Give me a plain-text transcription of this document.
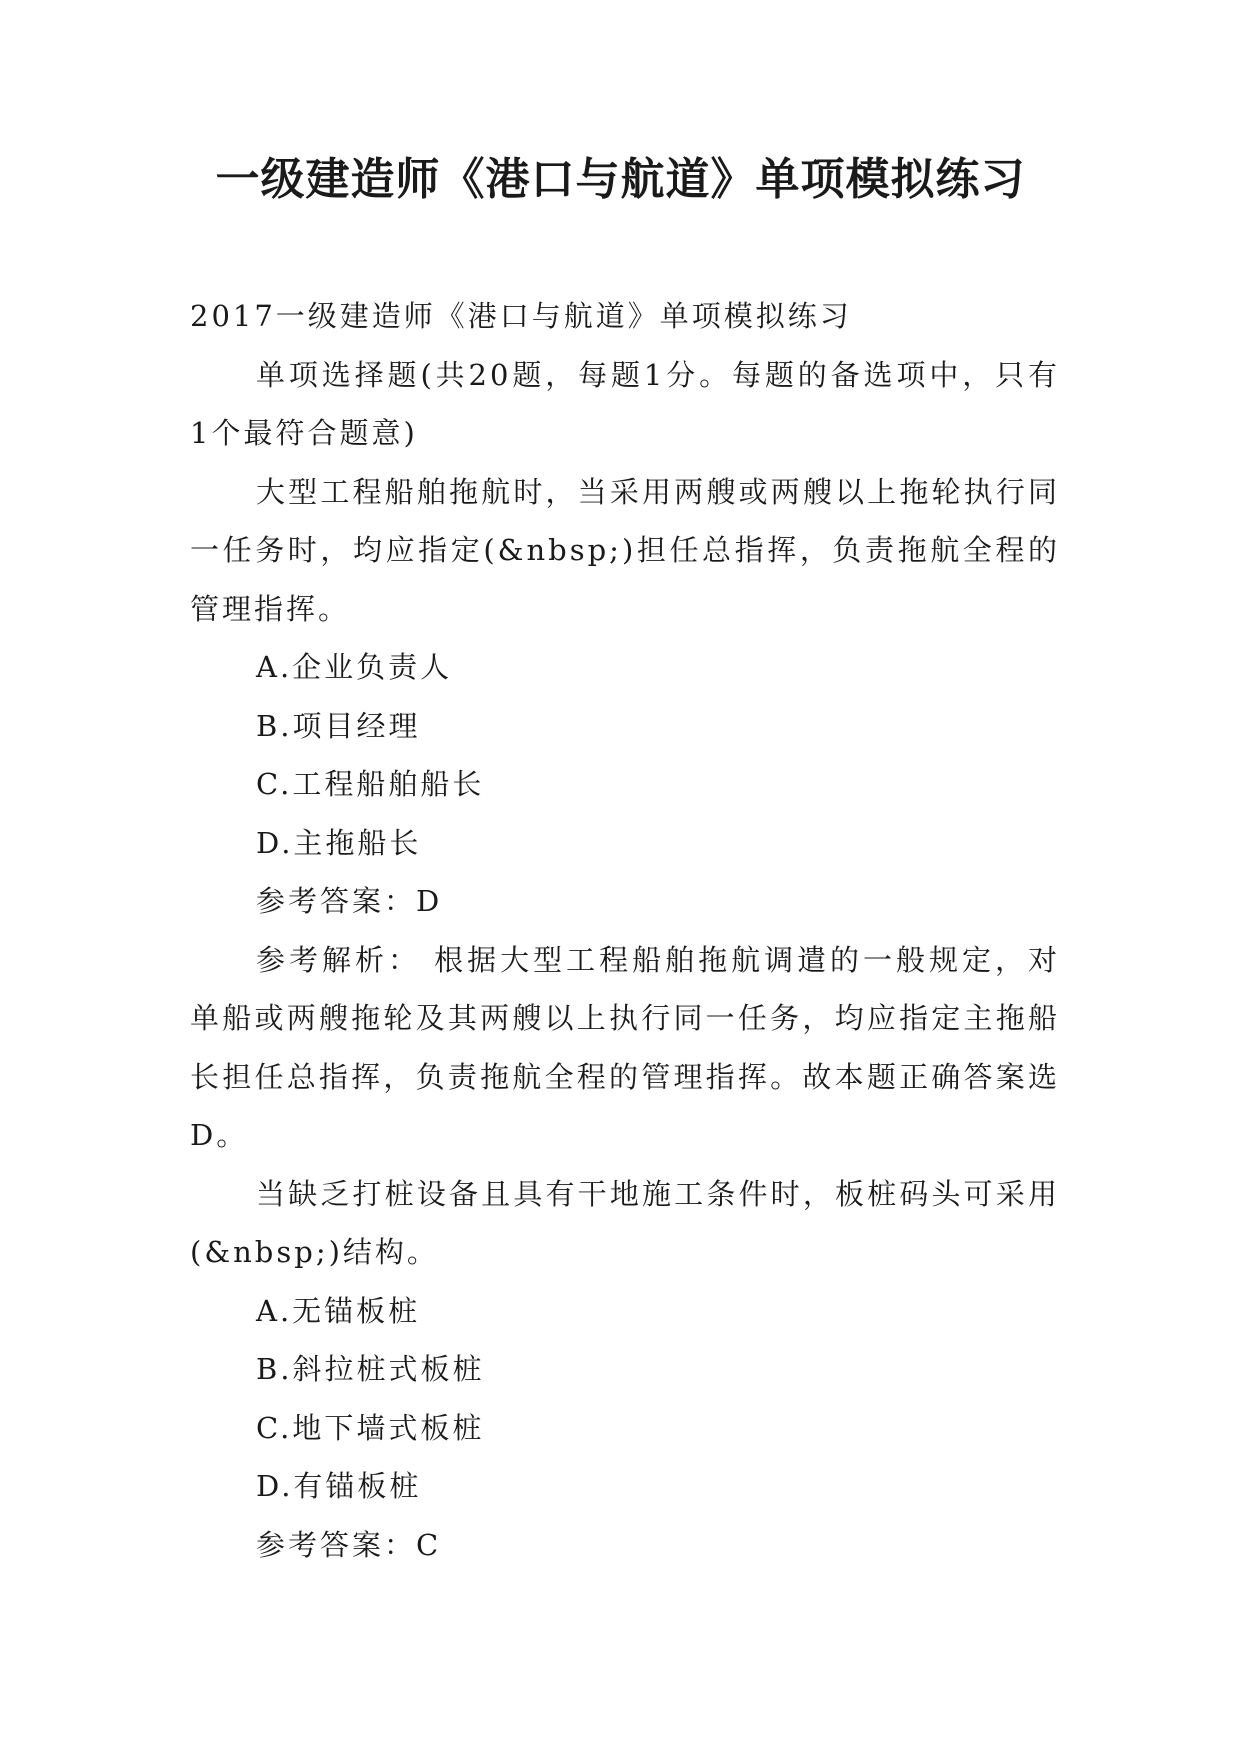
一级建造师《港口与航道》单项模拟练习

2017一级建造师《港口与航道》单项模拟练习

单项选择题(共20题，每题1分。每题的备选项中，只有1个最符合题意)

大型工程船舶拖航时，当采用两艘或两艘以上拖轮执行同一任务时，均应指定(&nbsp;)担任总指挥，负责拖航全程的管理指挥。

A.企业负责人

B.项目经理

C.工程船舶船长

D.主拖船长

参考答案：D

参考解析： 根据大型工程船舶拖航调遣的一般规定，对单船或两艘拖轮及其两艘以上执行同一任务，均应指定主拖船长担任总指挥，负责拖航全程的管理指挥。故本题正确答案选D。

当缺乏打桩设备且具有干地施工条件时，板桩码头可采用(&nbsp;)结构。

A.无锚板桩

B.斜拉桩式板桩

C.地下墙式板桩

D.有锚板桩

参考答案：C
